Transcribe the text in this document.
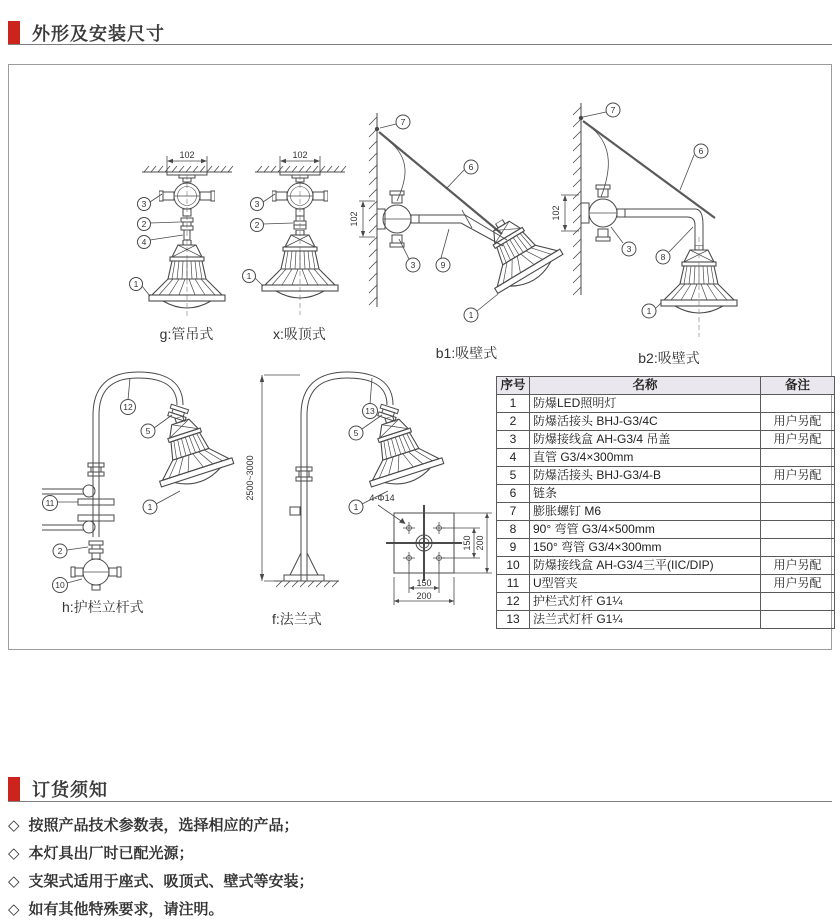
外形及安装尺寸
102
3
2
4
1
g:管吊式
102
3
2
1
x:吸顶式
102
7
6
3	9
1
b1:吸壁式
102
7
6
3
8
1
b2:吸壁式
12
5
1
11
2
10
h:护栏立杆式
2500~3000	4-Φ14
150 200
150
200
13
5
1
f:法兰式
序号	名称	备注
1	防爆LED照明灯	
2	防爆活接头 BHJ-G3/4C	用户另配
3	防爆接线盒 AH-G3/4 吊盖	用户另配
4	直管 G3/4×300mm	
5	防爆活接头 BHJ-G3/4-B	用户另配
6	链条	
7	膨胀螺钉 M6	
8	90° 弯管 G3/4×500mm	
9	150° 弯管 G3/4×300mm	
10	防爆接线盒 AH-G3/4三平(IIC/DIP)	用户另配
11	U型管夹	用户另配
12	护栏式灯杆 G1¼	
13	法兰式灯杆 G1¼	
订货须知
◇ 按照产品技术参数表，选择相应的产品；
◇ 本灯具出厂时已配光源；
◇ 支架式适用于座式、吸顶式、壁式等安装；
◇ 如有其他特殊要求，请注明。
